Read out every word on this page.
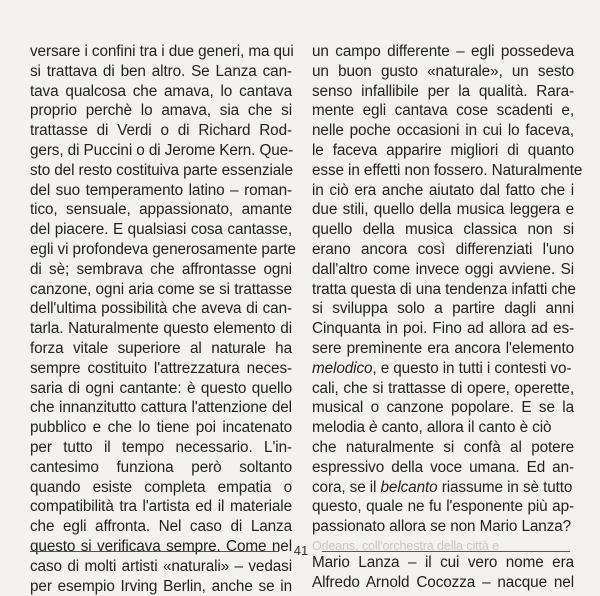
versare i confini tra i due generi, ma qui
si trattava di ben altro. Se Lanza can-
tava qualcosa che amava, lo cantava
proprio perchè lo amava, sia che si
trattasse di Verdi o di Richard Rod-
gers, di Puccini o di Jerome Kern. Que-
sto del resto costituiva parte essenziale
del suo temperamento latino – roman-
tico, sensuale, appassionato, amante
del piacere. E qualsiasi cosa cantasse,
egli vi profondeva generosamente parte
di sè; sembrava che affrontasse ogni
canzone, ogni aria come se si trattasse
dell'ultima possibilità che aveva di can-
tarla. Naturalmente questo elemento di
forza vitale superiore al naturale ha
sempre costituito l'attrezzatura neces-
saria di ogni cantante: è questo quello
che innanzitutto cattura l'attenzione del
pubblico e che lo tiene poi incatenato
per tutto il tempo necessario. L'in-
cantesimo funziona però soltanto
quando esiste completa empatia o
compatibilità tra l'artista ed il materiale
che egli affronta. Nel caso di Lanza
questo si verificava sempre. Come nel
caso di molti artisti «naturali» – vedasi
per esempio Irving Berlin, anche se in
un campo differente – egli possedeva
un buon gusto «naturale», un sesto
senso infallibile per la qualità. Rara-
mente egli cantava cose scadenti e,
nelle poche occasioni in cui lo faceva,
le faceva apparire migliori di quanto
esse in effetti non fossero. Naturalmente
in ciò era anche aiutato dal fatto che i
due stili, quello della musica leggera e
quello della musica classica non si
erano ancora così differenziati l'uno
dall'altro come invece oggi avviene. Si
tratta questa di una tendenza infatti che
si sviluppa solo a partire dagli anni
Cinquanta in poi. Fino ad allora ad es-
sere preminente era ancora l'elemento
melodico, e questo in tutti i contesti vo-
cali, che si trattasse di opere, operette,
musical o canzone popolare. E se la
melodia è canto, allora il canto è ciò
che naturalmente si confà al potere
espressivo della voce umana. Ed an-
cora, se il belcanto riassume in sè tutto
questo, quale ne fu l'esponente più ap-
passionato allora se non Mario Lanza?
Orleans, coll'orchestra della città e
Mario Lanza – il cui vero nome era
Alfredo Arnold Cocozza – nacque nel
41
